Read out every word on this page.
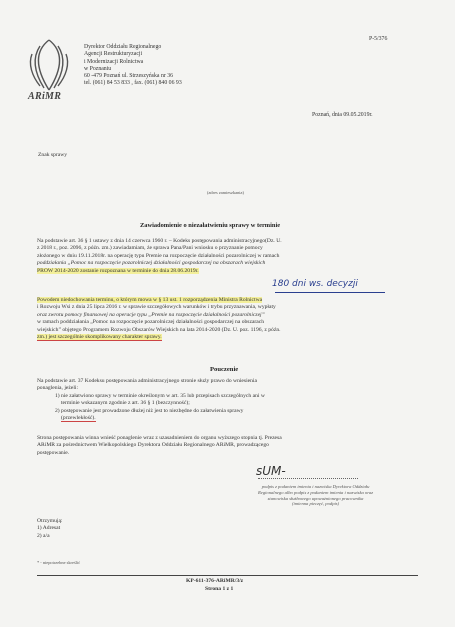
ARiMR
Dyrektor Oddziału Regionalnego
Agencji Restrukturyzacji
i Modernizacji Rolnictwa
w Poznaniu
60 -479 Poznań ul. Strzeszyńska nr 36
tel. (061) 84 53 833 , fax. (061) 840 06 93
P-5/376
Poznań, dnia 09.05.2019r.
Znak sprawy
(adres zamieszkania)
Zawiadomienie o niezałatwieniu sprawy w terminie
Na podstawie art. 36 § 1 ustawy z dnia 14 czerwca 1960 r. – Kodeks postępowania administracyjnego(Dz. U.
z 2018 r., poz. 2096, z późn. zm.) zawiadamiam, że sprawa Pana/Pani wniosku o przyznanie pomocy
złożonego w dniu 19.11.2018r. na operację typu Premie na rozpoczęcie działalności pozarolniczej w ramach
poddziałania „Pomoc na rozpoczęcie pozarolniczej działalności gospodarczej na obszarach wiejskich
PROW 2014-2020 zostanie rozpoznana w terminie do dnia 28.06.2019r.
180 dni ws. decyzji
Powodem niedochowania terminu, o którym mowa w § 13 ust. 1 rozporządzenia Ministra Rolnictwa
i Rozwoju Wsi z dnia 25 lipca 2016 r. w sprawie szczegółowych warunków i trybu przyznawania, wypłaty
oraz zwrotu pomocy finansowej na operacje typu „Premie na rozpoczęcie działalności pozarolniczej”
w ramach poddziałania „Pomoc na rozpoczęcie pozarolniczej działalności gospodarczej na obszarach
wiejskich” objętego Programem Rozwoju Obszarów Wiejskich na lata 2014-2020 (Dz. U. poz. 1196, z późn.
zm.) jest szczególnie skomplikowany charakter sprawy.
Pouczenie
Na podstawie art. 37 Kodeksu postępowania administracyjnego stronie służy prawo do wniesienia
ponaglenia, jeżeli:
1) nie załatwiono sprawy w terminie określonym w art. 35 lub przepisach szczególnych ani w
terminie wskazanym zgodnie z art. 36 § 1 (bezczynność);
2) postępowanie jest prowadzone dłużej niż jest to niezbędne do załatwienia sprawy
(przewlekłość).
Strona postępowania winna wnieść ponaglenie wraz z uzasadnieniem do organu wyższego stopnia tj. Prezesa
ARiMR za pośrednictwem Wielkopolskiego Dyrektora Oddziału Regionalnego ARiMR, prowadzącego
postępowanie.
sUM-
podpis z podaniem imienia i nazwiska Dyrektora Oddziału
Regionalnego albo podpis z podaniem imienia i nazwiska oraz
stanowiska służbowego upoważnionego pracownika
(imienna pieczęć, podpis)
Otrzymują:
1) Adresat
2) a/a
* - niepotrzebne skreślić
KP-611-376-ARiMR/3/z
Strona 1 z 1
